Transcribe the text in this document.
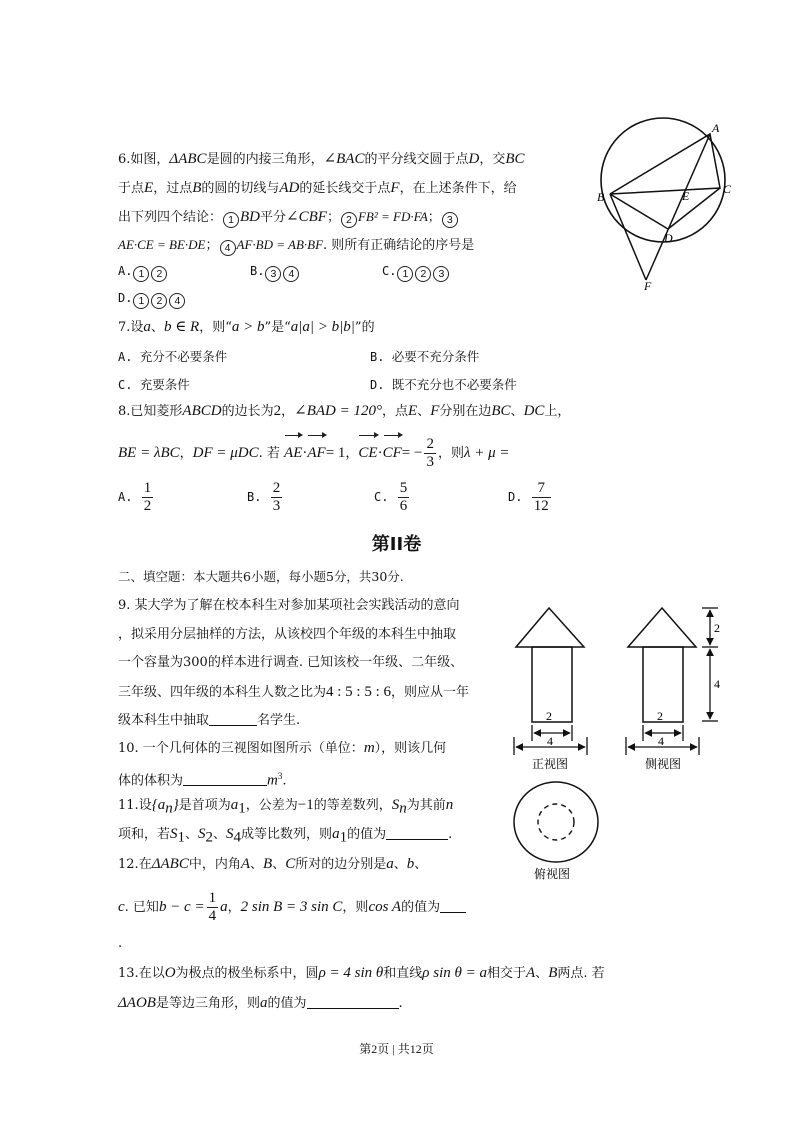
6.如图，ΔABC是圆的内接三角形，∠BAC的平分线交圆于点D，交BC
于点E，过点B的圆的切线与AD的延长线交于点F，在上述条件下，给
出下列四个结论： 1 BD平分∠CBF； 2 FB² = FD·FA； 3
AE·CE = BE·DE； 4 AF·BD = AB·BF. 则所有正确结论的序号是
A. 1 2	B. 3 4	C. 1 2 3
D. 1 2 4
A
B
C
D
E
F
7.设a、b ∈ R，则“a > b”是“a|a| > b|b|”的
A. 充分不必要条件	B. 必要不充分条件
C. 充要条件	D. 既不充分也不必要条件
8.已知菱形ABCD的边长为2，∠BAD = 120°，点E、F分别在边BC、DC上，
BE = λBC，DF = μDC. 若 AE·AF= 1，$CE\cdot CF= - \frac{2}{3}$ ，则λ + μ =
A. $\frac{1}{2}$	B. $\frac{2}{3}$	C. $\frac{5}{6}$	D. $\frac{7}{12}$
第II卷
二、填空题：本大题共6小题，每小题5分，共30分.
9. 某大学为了解在校本科生对参加某项社会实践活动的意向
，拟采用分层抽样的方法，从该校四个年级的本科生中抽取
一个容量为300的样本进行调查. 已知该校一年级、二年级、
三年级、四年级的本科生人数之比为4 : 5 : 5 : 6，则应从一年
级本科生中抽取	名学生.
10. 一个几何体的三视图如图所示（单位：m），则该几何
体的体积为	$m^3$.
11.设$\{a_n\}$是首项为$a_1$，公差为−1的等差数列，$S_n$为其前n
项和，若$S_1$、$S_2$、$S_4$成等比数列，则$a_1$的值为	.
12.在ΔABC中，内角A、B、C所对的边分别是a、b、
c. 已知$b - c = \frac{1}{4}$ a，2 sin B = 3 sin C，则cos A的值为
.
13.在以O为极点的极坐标系中，圆ρ = 4 sin θ和直线ρ sin θ = a相交于A、B两点. 若
ΔAOB是等边三角形，则a的值为	.
2
4
正视图
2
4
2
4
侧视图
俯视图
第2页 | 共12页
